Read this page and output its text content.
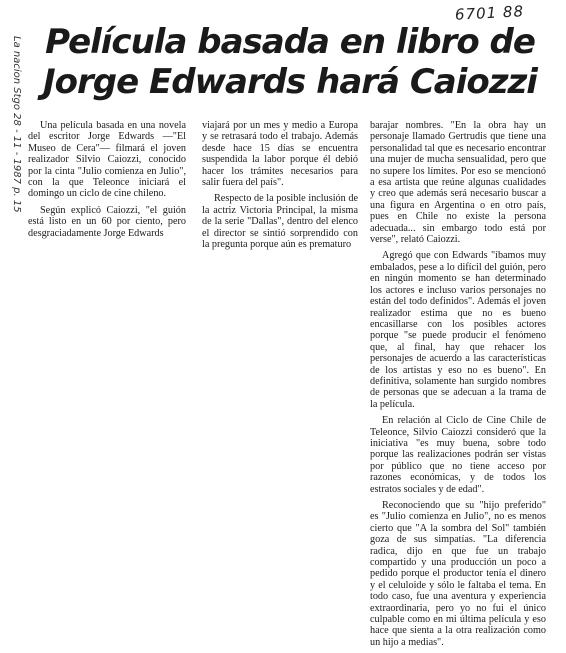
6701 88
La nacion Stgo 28 - 11 - 1987 p. 15 Película basada en libro de
Jorge Edwards hará Caiozzi

Una película basada en una novela del escritor Jorge Edwards —"El Museo de Cera"— filmará el joven realizador Silvio Caiozzi, conocido por la cinta "Julio comienza en Julio", con la que Teleonce iniciará el domingo un ciclo de cine chileno.

Según explicó Caiozzi, "el guión está listo en un 60 por ciento, pero desgraciadamente Jorge Edwards

viajará por un mes y medio a Europa y se retrasará todo el trabajo. Además desde hace 15 días se encuentra suspendida la labor porque él debió hacer los trámites necesarios para salir fuera del país".

Respecto de la posible inclusión de la actriz Victoria Principal, la misma de la serie "Dallas", dentro del elenco el director se sintió sorprendido con la pregunta porque aún es prematuro

barajar nombres. "En la obra hay un personaje llamado Gertrudis que tiene una personalidad tal que es necesario encontrar una mujer de mucha sensualidad, pero que no supere los límites. Por eso se mencionó a esa artista que reúne algunas cualidades y creo que además será necesario buscar a una figura en Argentina o en otro país, pues en Chile no existe la persona adecuada... sin embargo todo está por verse", relató Caiozzi.

Agregó que con Edwards "íbamos muy embalados, pese a lo difícil del guión, pero en ningún momento se han determinado los actores e incluso varios personajes no están del todo definidos". Además el joven realizador estima que no es bueno encasillarse con los posibles actores porque "se puede producir el fenómeno que, al final, hay que rehacer los personajes de acuerdo a las características de los artistas y eso no es bueno". En definitiva, solamente han surgido nombres de personas que se adecuan a la trama de la película.

En relación al Ciclo de Cine Chile de Teleonce, Silvio Caiozzi consideró que la iniciativa "es muy buena, sobre todo porque las realizaciones podrán ser vistas por público que no tiene acceso por razones económicas, y de todos los estratos sociales y de edad".

Reconociendo que su "hijo preferido" es "Julio comienza en Julio", no es menos cierto que "A la sombra del Sol" también goza de sus simpatías. "La diferencia radica, dijo en que fue un trabajo compartido y una producción un poco a pedido porque el productor tenía el dinero y el celuloide y sólo le faltaba el tema. En todo caso, fue una aventura y experiencia extraordinaria, pero yo no fui el único culpable como en mi última película y eso hace que sienta a la otra realización como un hijo a medias".
